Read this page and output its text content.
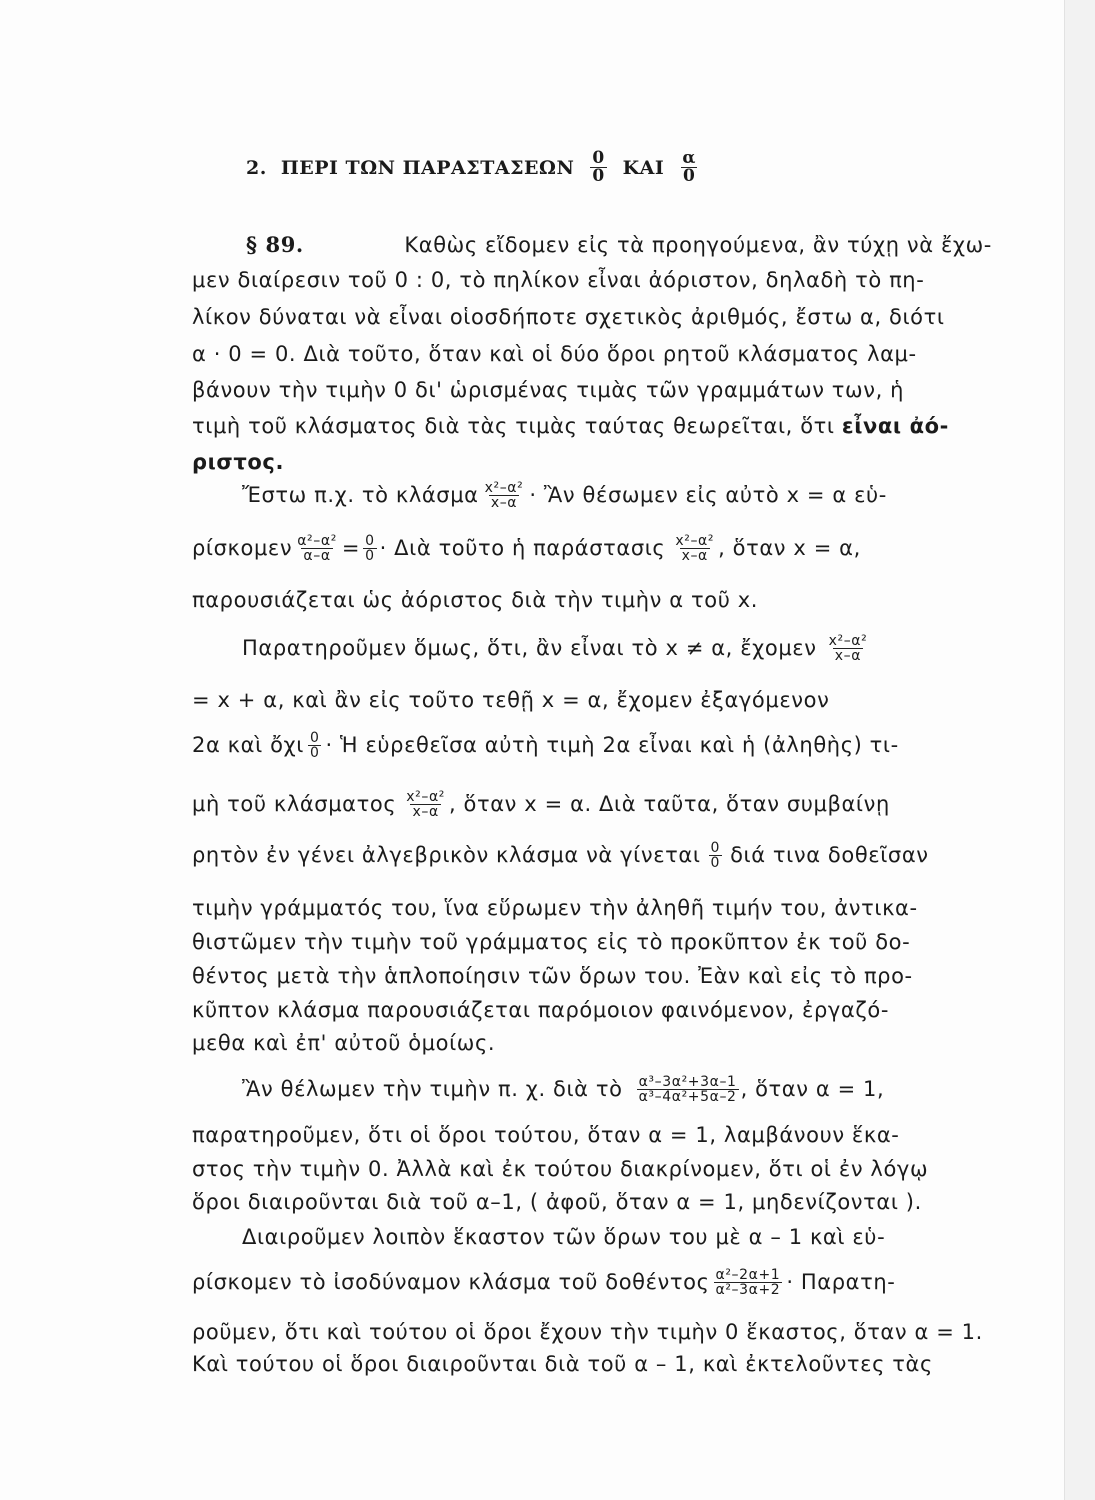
2. ΠΕΡΙ ΤΩΝ ΠΑΡΑΣΤΑΣΕΩΝ $\frac{0}{0}$ ΚΑΙ $\frac{\alpha}{0}$
§ 89.	Καθὼς εἴδομεν εἰς τὰ προηγούμενα, ἂν τύχῃ νὰ ἔχω-
μεν διαίρεσιν τοῦ 0 : 0, τὸ πηλίκον εἶναι ἀόριστον, δηλαδὴ τὸ πη-
λίκον δύναται νὰ εἶναι οἱοσδήποτε σχετικὸς ἀριθμός, ἔστω α, διότι
α · 0 = 0. Διὰ τοῦτο, ὅταν καὶ οἱ δύο ὅροι ρητοῦ κλάσματος λαμ-
βάνουν τὴν τιμὴν 0 δι' ὡρισμένας τιμὰς τῶν γραμμάτων των, ἡ
τιμὴ τοῦ κλάσματος διὰ τὰς τιμὰς ταύτας θεωρεῖται, ὅτι εἶναι ἀό-
ριστος.
Ἔστω π.χ. τὸ κλάσμα $\frac{\text{x²–α²}}{x-\alpha}$ · Ἂν θέσωμεν εἰς αὐτὸ x = α εὑ-
ρίσκομεν $\frac{\text{α²–α²}}{\alpha-\alpha} = \frac{0}{0}$ · Διὰ τοῦτο ἡ παράστασις $\frac{\text{x²–α²}}{x-\alpha}$ , ὅταν x = α,
παρουσιάζεται ὡς ἀόριστος διὰ τὴν τιμὴν α τοῦ x.
Παρατηροῦμεν ὅμως, ὅτι, ἂν εἶναι τὸ x ≠ α, ἔχομεν $\frac{\text{x²–α²}}{x-\alpha}$
= x + α, καὶ ἂν εἰς τοῦτο τεθῇ x = α, ἔχομεν ἐξαγόμενον
2α καὶ ὄχι $\frac{0}{0}$ · Ἡ εὑρεθεῖσα αὐτὴ τιμὴ 2α εἶναι καὶ ἡ (ἀληθὴς) τι-
μὴ τοῦ κλάσματος $\frac{\text{x²–α²}}{x-\alpha}$ , ὅταν x = α. Διὰ ταῦτα, ὅταν συμβαίνῃ
ρητὸν ἐν γένει ἀλγεβρικὸν κλάσμα νὰ γίνεται $\frac{0}{0}$ διά τινα δοθεῖσαν
τιμὴν γράμματός του, ἵνα εὕρωμεν τὴν ἀληθῆ τιμήν του, ἀντικα-
θιστῶμεν τὴν τιμὴν τοῦ γράμματος εἰς τὸ προκῦπτον ἐκ τοῦ δο-
θέντος μετὰ τὴν ἁπλοποίησιν τῶν ὅρων του. Ἐὰν καὶ εἰς τὸ προ-
κῦπτον κλάσμα παρουσιάζεται παρόμοιον φαινόμενον, ἐργαζό-
μεθα καὶ ἐπ' αὐτοῦ ὁμοίως.
Ἂν θέλωμεν τὴν τιμὴν π. χ. διὰ τὸ $\frac{\text{α³–3α²+3α–1}}{\text{α³–4α²+5α–2}}$ , ὅταν α = 1,
παρατηροῦμεν, ὅτι οἱ ὅροι τούτου, ὅταν α = 1, λαμβάνουν ἕκα-
στος τὴν τιμὴν 0. Ἀλλὰ καὶ ἐκ τούτου διακρίνομεν, ὅτι οἱ ἐν λόγῳ
ὅροι διαιροῦνται διὰ τοῦ α–1, ( ἀφοῦ, ὅταν α = 1, μηδενίζονται ).
Διαιροῦμεν λοιπὸν ἕκαστον τῶν ὅρων του μὲ α – 1 καὶ εὑ-
ρίσκομεν τὸ ἰσοδύναμον κλάσμα τοῦ δοθέντος $\frac{\text{α²–2α+1}}{\text{α²–3α+2}} \cdot \Pi\alpha\rho\alpha\tau\eta-$
ροῦμεν, ὅτι καὶ τούτου οἱ ὅροι ἔχουν τὴν τιμὴν 0 ἕκαστος, ὅταν α = 1.
Καὶ τούτου οἱ ὅροι διαιροῦνται διὰ τοῦ α – 1, καὶ ἐκτελοῦντες τὰς
